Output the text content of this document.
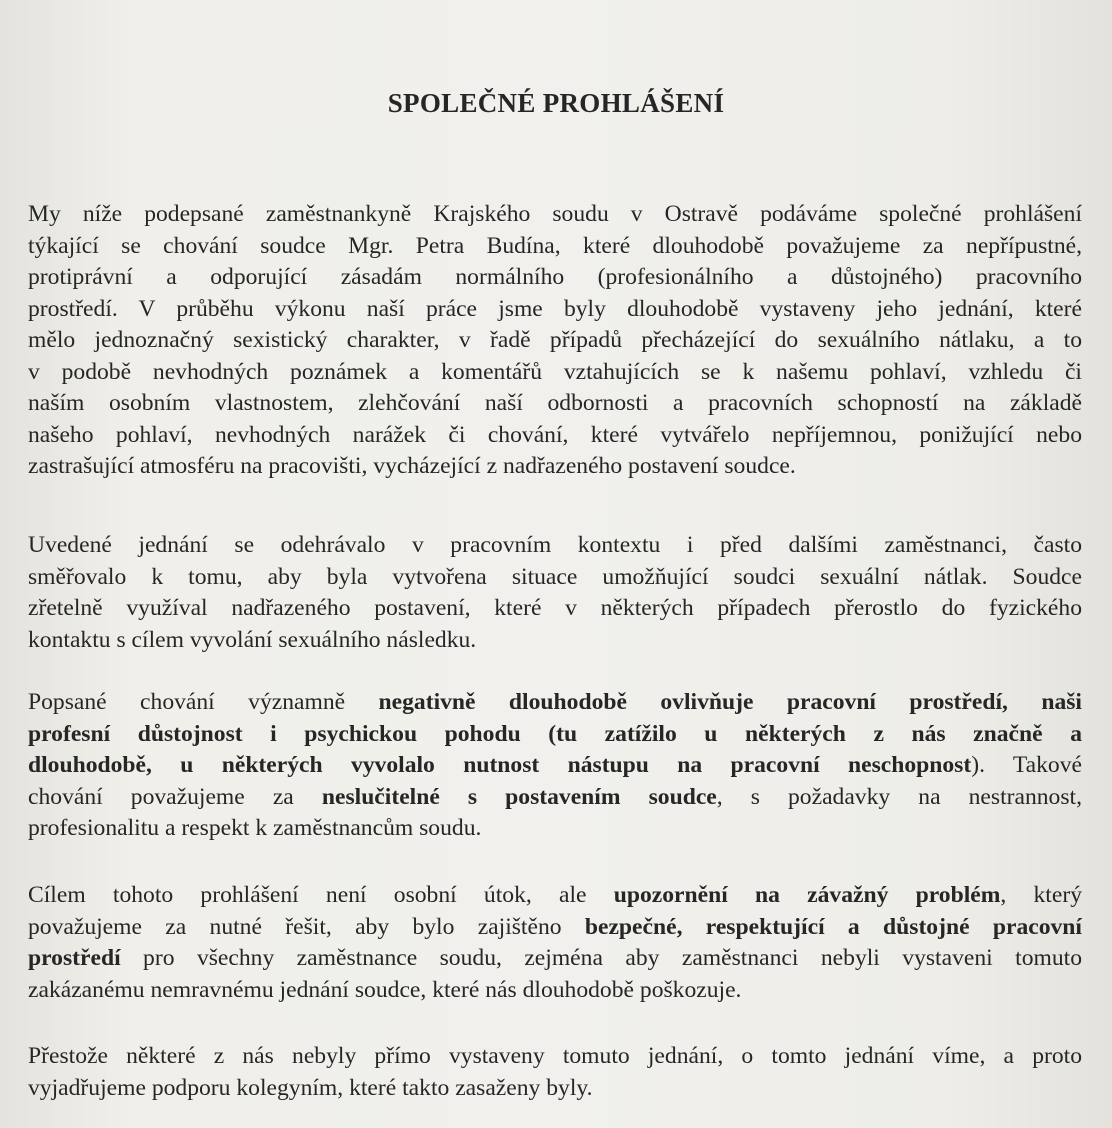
SPOLEČNÉ PROHLÁŠENÍ
My níže podepsané zaměstnankyně Krajského soudu v Ostravě podáváme společné prohlášení
týkající se chování soudce Mgr. Petra Budína, které dlouhodobě považujeme za nepřípustné,
protiprávní a odporující zásadám normálního (profesionálního a důstojného) pracovního
prostředí. V průběhu výkonu naší práce jsme byly dlouhodobě vystaveny jeho jednání, které
mělo jednoznačný sexistický charakter, v řadě případů přecházející do sexuálního nátlaku, a to
v podobě nevhodných poznámek a komentářů vztahujících se k našemu pohlaví, vzhledu či
naším osobním vlastnostem, zlehčování naší odbornosti a pracovních schopností na základě
našeho pohlaví, nevhodných narážek či chování, které vytvářelo nepříjemnou, ponižující nebo
zastrašující atmosféru na pracovišti, vycházející z nadřazeného postavení soudce.
Uvedené jednání se odehrávalo v pracovním kontextu i před dalšími zaměstnanci, často
směřovalo k tomu, aby byla vytvořena situace umožňující soudci sexuální nátlak. Soudce
zřetelně využíval nadřazeného postavení, které v některých případech přerostlo do fyzického
kontaktu s cílem vyvolání sexuálního následku.
Popsané chování významně negativně dlouhodobě ovlivňuje pracovní prostředí, naši
profesní důstojnost i psychickou pohodu (tu zatížilo u některých z nás značně a
dlouhodobě, u některých vyvolalo nutnost nástupu na pracovní neschopnost). Takové
chování považujeme za neslučitelné s postavením soudce, s požadavky na nestrannost,
profesionalitu a respekt k zaměstnancům soudu.
Cílem tohoto prohlášení není osobní útok, ale upozornění na závažný problém, který
považujeme za nutné řešit, aby bylo zajištěno bezpečné, respektující a důstojné pracovní
prostředí pro všechny zaměstnance soudu, zejména aby zaměstnanci nebyli vystaveni tomuto
zakázanému nemravnému jednání soudce, které nás dlouhodobě poškozuje.
Přestože některé z nás nebyly přímo vystaveny tomuto jednání, o tomto jednání víme, a proto
vyjadřujeme podporu kolegyním, které takto zasaženy byly.
